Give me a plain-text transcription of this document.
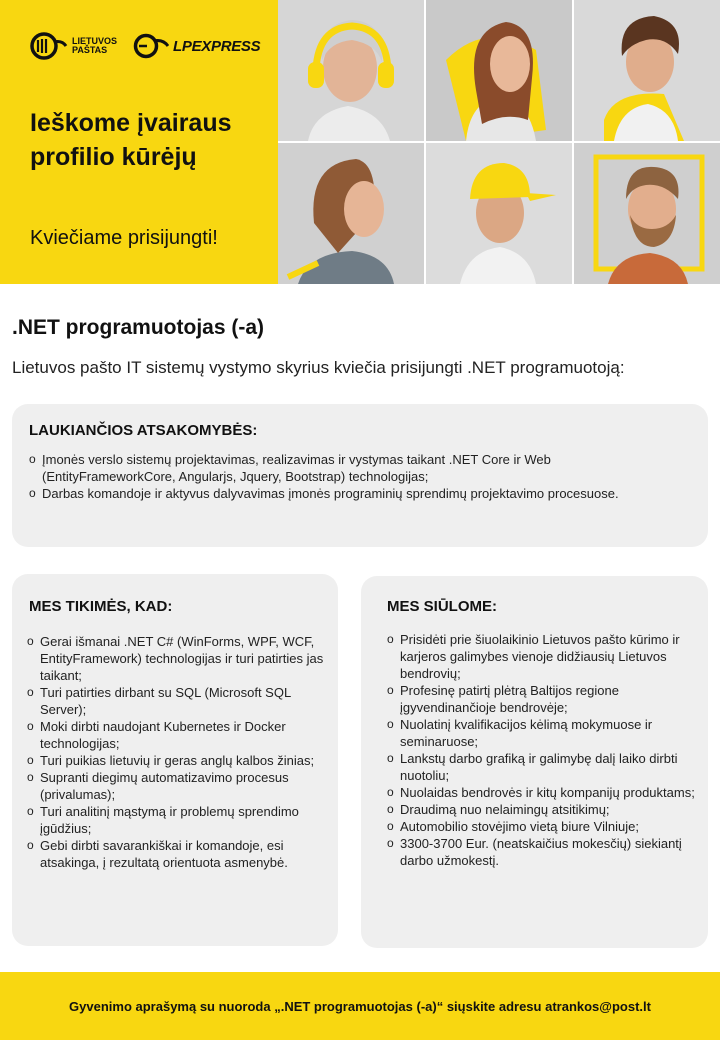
LIETUVOS
PAŠTAS	LPEXPRESS
Ieškome įvairaus profilio kūrėjų
Kviečiame prisijungti!
.NET programuotojas (-a)
Lietuvos pašto IT sistemų vystymo skyrius kviečia prisijungti .NET programuotoją:
LAUKIANČIOS ATSAKOMYBĖS:
o Įmonės verslo sistemų projektavimas, realizavimas ir vystymas taikant .NET Core ir Web (EntityFrameworkCore, Angularjs, Jquery, Bootstrap) technologijas;
o Darbas komandoje ir aktyvus dalyvavimas įmonės programinių sprendimų projektavimo procesuose.
MES TIKIMĖS, KAD:
o Gerai išmanai .NET C# (WinForms, WPF, WCF, EntityFramework) technologijas ir turi patirties jas taikant;
o Turi patirties dirbant su SQL (Microsoft SQL Server);
o Moki dirbti naudojant Kubernetes ir Docker technologijas;
o Turi puikias lietuvių ir geras anglų kalbos žinias;
o Supranti diegimų automatizavimo procesus (privalumas);
o Turi analitinį mąstymą ir problemų sprendimo įgūdžius;
o Gebi dirbti savarankiškai ir komandoje, esi atsakinga, į rezultatą orientuota asmenybė.
MES SIŪLOME:
o Prisidėti prie šiuolaikinio Lietuvos pašto kūrimo ir karjeros galimybes vienoje didžiausių Lietuvos bendrovių;
o Profesinę patirtį plėtrą Baltijos regione įgyvendinančioje bendrovėje;
o Nuolatinį kvalifikacijos kėlimą mokymuose ir seminaruose;
o Lankstų darbo grafiką ir galimybę dalį laiko dirbti nuotoliu;
o Nuolaidas bendrovės ir kitų kompanijų produktams;
o Draudimą nuo nelaimingų atsitikimų;
o Automobilio stovėjimo vietą biure Vilniuje;
o 3300-3700 Eur. (neatskaičius mokesčių) siekiantį darbo užmokestį.
Gyvenimo aprašymą su nuoroda „.NET programuotojas (-a)“ siųskite adresu atrankos@post.lt
